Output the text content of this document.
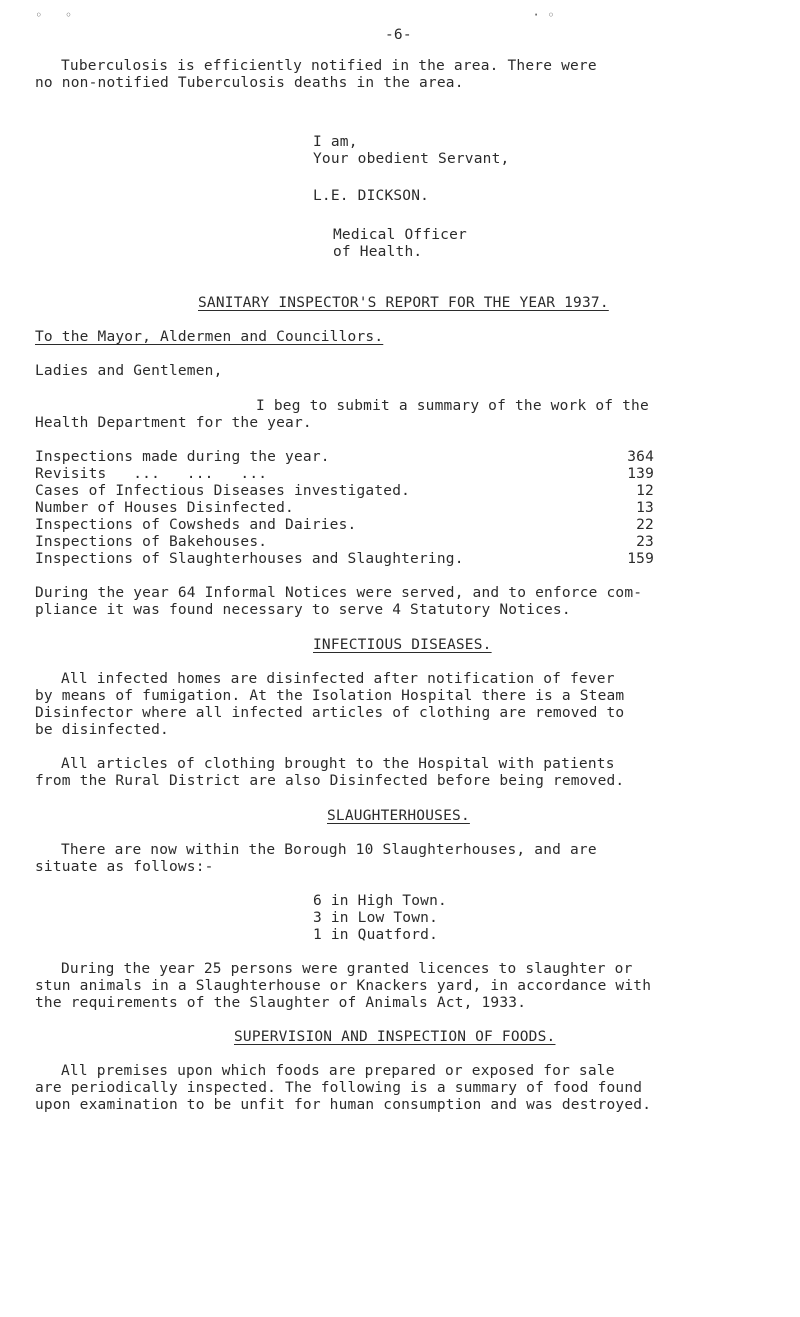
◦   ◦                                                              · ◦
-6-
Tuberculosis is efficiently notified in the area. There were
no non-notified Tuberculosis deaths in the area.
I am,
Your obedient Servant,
L.E. DICKSON.
Medical Officer
of Health.
SANITARY INSPECTOR'S REPORT FOR THE YEAR 1937.
To the Mayor, Aldermen and Councillors.
Ladies and Gentlemen,
I beg to submit a summary of the work of the
Health Department for the year.
Inspections made during the year.	364
Revisits   ...   ...   ...	139
Cases of Infectious Diseases investigated.	12
Number of Houses Disinfected.	13
Inspections of Cowsheds and Dairies.	22
Inspections of Bakehouses.	23
Inspections of Slaughterhouses and Slaughtering.	159
During the year 64 Informal Notices were served, and to enforce com-
pliance it was found necessary to serve 4 Statutory Notices.
INFECTIOUS DISEASES.
All infected homes are disinfected after notification of fever
by means of fumigation. At the Isolation Hospital there is a Steam
Disinfector where all infected articles of clothing are removed to
be disinfected.
All articles of clothing brought to the Hospital with patients
from the Rural District are also Disinfected before being removed.
SLAUGHTERHOUSES.
There are now within the Borough 10 Slaughterhouses, and are
situate as follows:-
6 in High Town.
3 in Low Town.
1 in Quatford.
During the year 25 persons were granted licences to slaughter or
stun animals in a Slaughterhouse or Knackers yard, in accordance with
the requirements of the Slaughter of Animals Act, 1933.
SUPERVISION AND INSPECTION OF FOODS.
All premises upon which foods are prepared or exposed for sale
are periodically inspected. The following is a summary of food found
upon examination to be unfit for human consumption and was destroyed.
